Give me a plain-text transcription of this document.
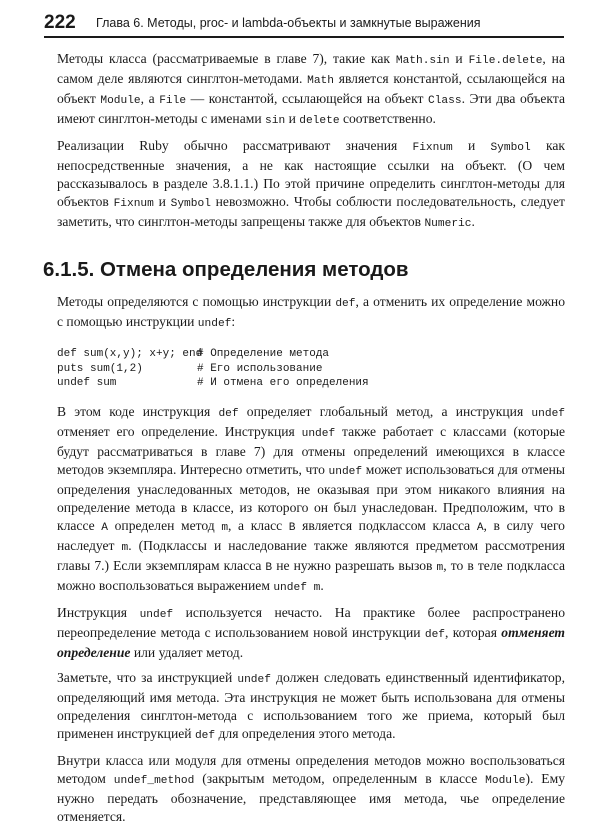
222 Глава 6. Методы, proc- и lambda-объекты и замкнутые выражения

Методы класса (рассматриваемые в главе 7), такие как Math.sin и File.delete, на самом деле являются синглтон-методами. Math является константой, ссылающейся на объект Module, а File — константой, ссылающейся на объект Class. Эти два объекта имеют синглтон-методы с именами sin и delete соответственно.

Реализации Ruby обычно рассматривают значения Fixnum и Symbol как непосредственные значения, а не как настоящие ссылки на объект. (О чем рассказывалось в разделе 3.8.1.1.) По этой причине определить синглтон-методы для объектов Fixnum и Symbol невозможно. Чтобы соблюсти последовательность, следует заметить, что синглтон-методы запрещены также для объектов Numeric.

6.1.5. Отмена определения методов

Методы определяются с помощью инструкции def, а отменить их определение можно с помощью инструкции undef:

def sum(x,y); x+y; end
# Определение метода
puts sum(1,2)	# Его использование
undef sum	# И отмена его определения

В этом коде инструкция def определяет глобальный метод, а инструкция undef отменяет его определение. Инструкция undef также работает с классами (которые будут рассматриваться в главе 7) для отмены определений имеющихся в классе методов экземпляра. Интересно отметить, что undef может использоваться для отмены определения унаследованных методов, не оказывая при этом никакого влияния на определение метода в классе, из которого он был унаследован. Предположим, что в классе A определен метод m, а класс B является подклассом класса A, в силу чего наследует m. (Подклассы и наследование также являются предметом рассмотрения главы 7.) Если экземплярам класса B не нужно разрешать вызов m, то в теле подкласса можно воспользоваться выражением undef m.

Инструкция undef используется нечасто. На практике более распространено переопределение метода с использованием новой инструкции def, которая отменяет определение или удаляет метод.

Заметьте, что за инструкцией undef должен следовать единственный идентификатор, определяющий имя метода. Эта инструкция не может быть использована для отмены определения синглтон-метода с использованием того же приема, который был применен инструкцией def для определения этого метода.

Внутри класса или модуля для отмены определения методов можно воспользоваться методом undef_method (закрытым методом, определенным в классе Module). Ему нужно передать обозначение, представляющее имя метода, чье определение отменяется.
